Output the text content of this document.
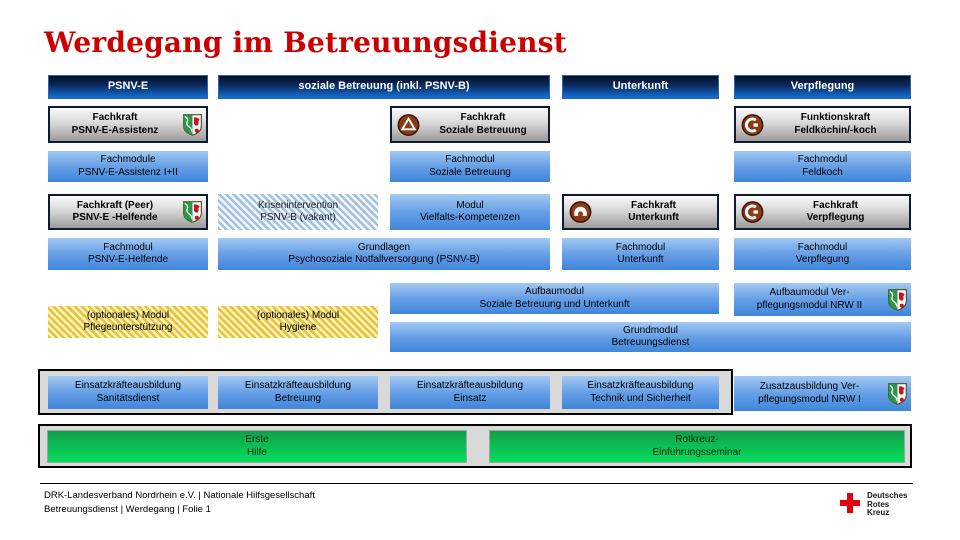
Werdegang im Betreuungsdienst
PSNV-E	soziale Betreuung (inkl. PSNV-B)	Unterkunft	Verpflegung
Fachkraft
PSNV-E-Assistenz
Fachmodule
PSNV-E-Assistenz I+II
Fachkraft (Peer)
PSNV-E -Helfende
Fachmodul
PSNV-E-Helfende
(optionales) Modul
Pflegeunterstützung
Krisenintervention
PSNV-B (vakant)
(optionales) Modul
Hygiene
Fachkraft
Soziale Betreuung
Fachmodul
Soziale Betreuung
Modul
Vielfalts-Kompetenzen
Grundlagen
Psychosoziale Notfallversorgung (PSNV-B)
Fachkraft
Unterkunft
Fachmodul
Unterkunft
Aufbaumodul
Soziale Betreuung und Unterkunft
Grundmodul
Betreuungsdienst
Funktionskraft
Feldköchin/-koch
Fachmodul
Feldkoch
Fachkraft
Verpflegung
Fachmodul
Verpflegung
Aufbaumodul Ver-
pflegungsmodul NRW II
Zusatzausbildung Ver-
pflegungsmodul NRW I
Einsatzkräfteausbildung
Sanitätsdienst
Einsatzkräfteausbildung
Betreuung
Einsatzkräfteausbildung
Einsatz
Einsatzkräfteausbildung
Technik und Sicherheit
Erste
Hilfe
Rotkreuz-
Einführungsseminar
DRK-Landesverband Nordrhein e.V. | Nationale Hilfsgesellschaft
Betreuungsdienst | Werdegang | Folie 1
Deutsches
Rotes
Kreuz
